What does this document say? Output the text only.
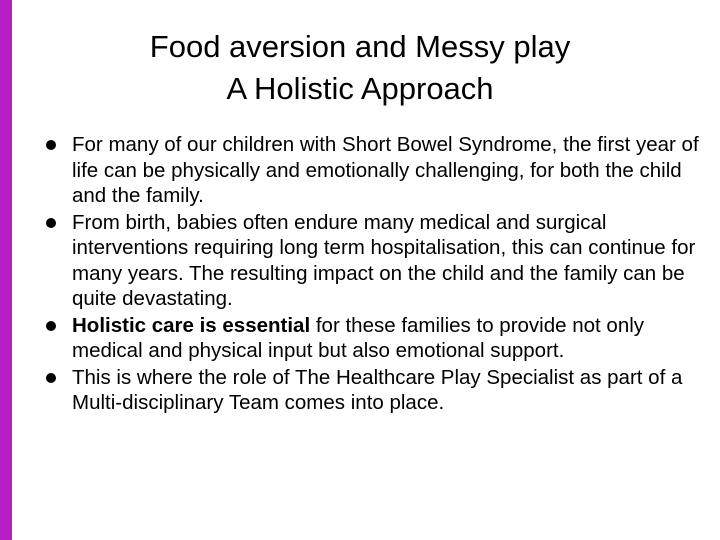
Food aversion and Messy play
A Holistic Approach
For many of our children with Short Bowel Syndrome, the first year of life can be physically and emotionally challenging, for both the child and the family.
From birth, babies often endure many medical and surgical interventions requiring long term hospitalisation, this can continue for many years. The resulting impact on the child and the family can be quite devastating.
Holistic care is essential for these families to provide not only medical and physical input but also emotional support.
This is where the role of The Healthcare Play Specialist as part of a Multi-disciplinary Team comes into place.
